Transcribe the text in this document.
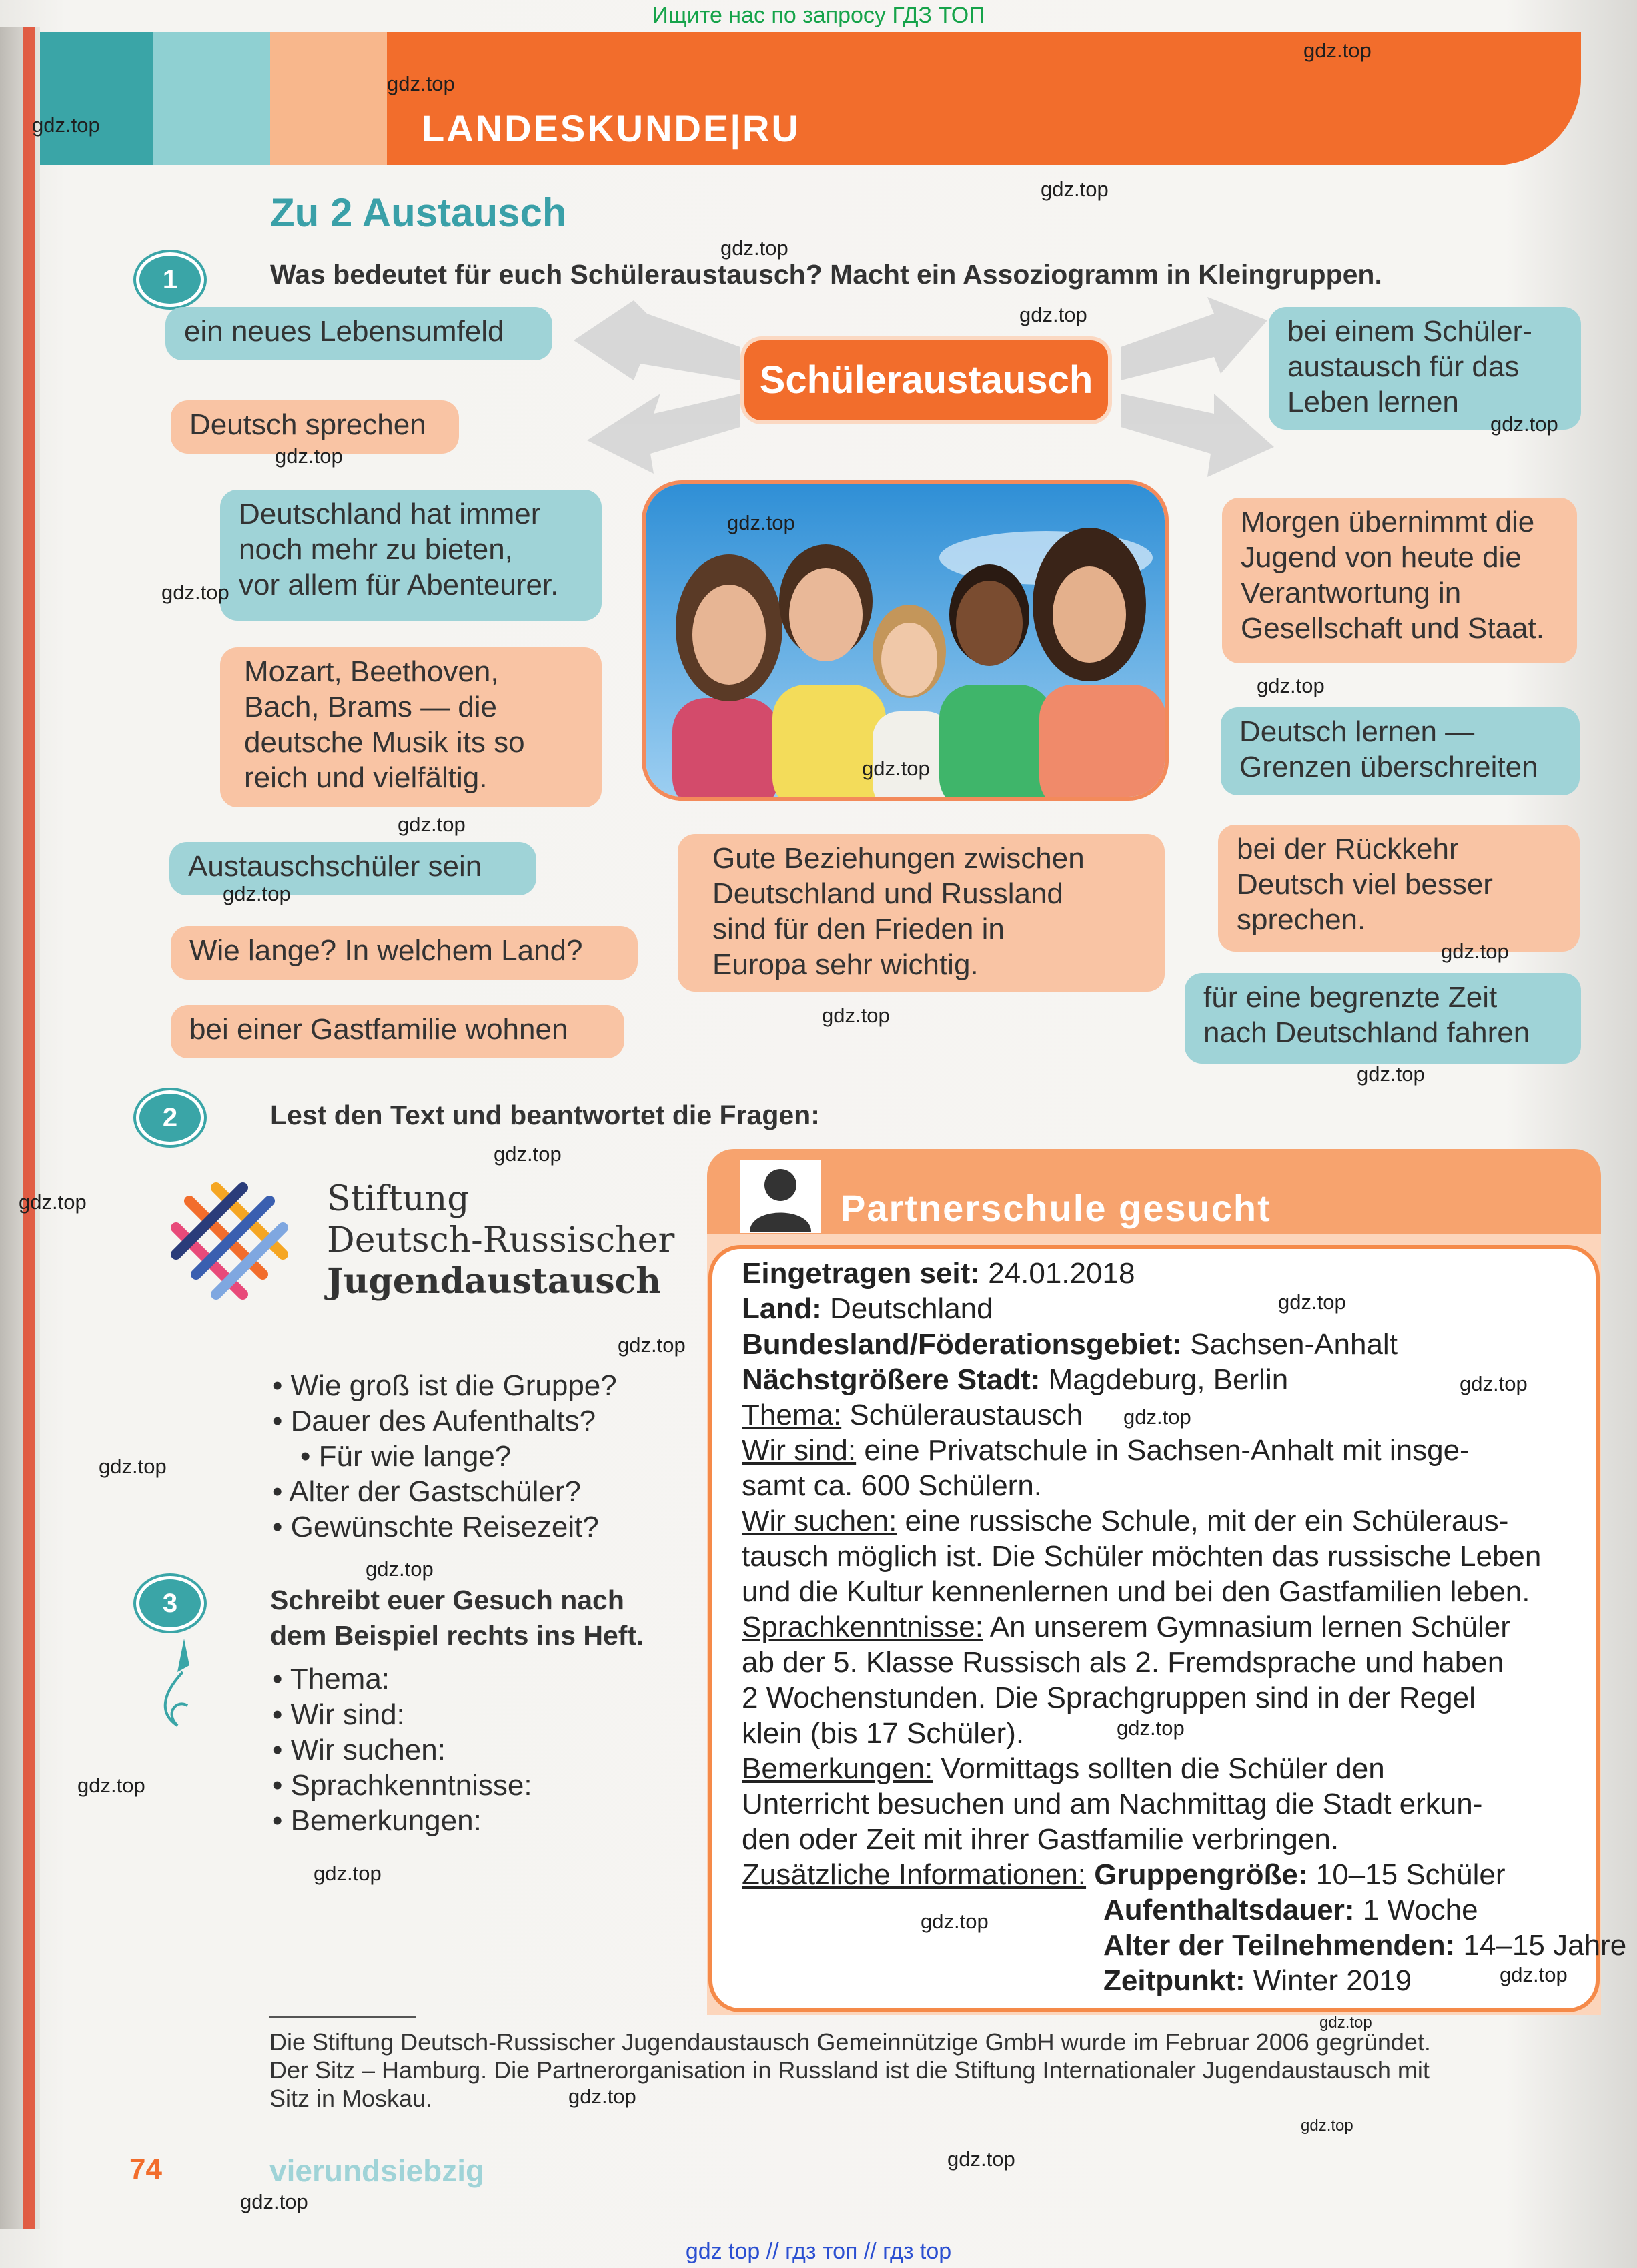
Ищите нас по запросу ГДЗ ТОП
LANDESKUNDE|RU
Zu 2 Austausch
1	Was bedeutet für euch Schüleraustausch? Macht ein Assoziogramm in Kleingruppen.
Schüleraustausch
ein neues Lebensumfeld
Deutsch sprechen
Deutschland hat immer
noch mehr zu bieten,
vor allem für Abenteurer.
Mozart, Beethoven,
Bach, Brams — die
deutsche Musik its so
reich und vielfältig.
Austauschschüler sein
Wie lange? In welchem Land?
bei einer Gastfamilie wohnen
Gute Beziehungen zwischen
Deutschland und Russland
sind für den Frieden in
Europa sehr wichtig.
bei einem Schüler-
austausch für das
Leben lernen
Morgen übernimmt die
Jugend von heute die
Verantwortung in
Gesellschaft und Staat.
Deutsch lernen —
Grenzen überschreiten
bei der Rückkehr
Deutsch viel besser
sprechen.
für eine begrenzte Zeit
nach Deutschland fahren
2	Lest den Text und beantwortet die Fragen:
Stiftung
Deutsch-Russischer
Jugendaustausch
• Wie groß ist die Gruppe?
• Dauer des Aufenthalts?
• Für wie lange?
• Alter der Gastschüler?
• Gewünschte Reisezeit?
3	Schreibt euer Gesuch nach
dem Beispiel rechts ins Heft.
• Thema:
• Wir sind:
• Wir suchen:
• Sprachkenntnisse:
• Bemerkungen:
Partnerschule gesucht
Eingetragen seit: 24.01.2018
Land: Deutschland
Bundesland/Föderationsgebiet: Sachsen-Anhalt
Nächstgrößere Stadt: Magdeburg, Berlin
Thema: Schüleraustausch
Wir sind: eine Privatschule in Sachsen-Anhalt mit insge-
samt ca. 600 Schülern.
Wir suchen: eine russische Schule, mit der ein Schüleraus-
tausch möglich ist. Die Schüler möchten das russische Leben
und die Kultur kennenlernen und bei den Gastfamilien leben.
Sprachkenntnisse: An unserem Gymnasium lernen Schüler
ab der 5. Klasse Russisch als 2. Fremdsprache und haben
2 Wochenstunden. Die Sprachgruppen sind in der Regel
klein (bis 17 Schüler).
Bemerkungen: Vormittags sollten die Schüler den
Unterricht besuchen und am Nachmittag die Stadt erkun-
den oder Zeit mit ihrer Gastfamilie verbringen.
Zusätzliche Informationen: Gruppengröße: 10–15 Schüler
Aufenthaltsdauer: 1 Woche
Alter der Teilnehmenden: 14–15 Jahre
Zeitpunkt: Winter 2019
Die Stiftung Deutsch-Russischer Jugendaustausch Gemeinnützige GmbH wurde im Februar 2006 gegründet.
Der Sitz – Hamburg. Die Partnerorganisation in Russland ist die Stiftung Internationaler Jugendaustausch mit
Sitz in Moskau.
74	vierundsiebzig
gdz.top
gdz.top
gdz.top
gdz.top
gdz.top
gdz.top
gdz.top
gdz.top
gdz.top
gdz.top
gdz.top
gdz.top
gdz.top
gdz.top
gdz.top
gdz.top
gdz.top
gdz.top
gdz.top
gdz.top
gdz.top
gdz.top
gdz.top
gdz.top
gdz.top
gdz.top
gdz.top
gdz.top
gdz.top
gdz.top
gdz.top
gdz.top
gdz.top
gdz.top
gdz.top
gdz top // гдз топ // гдз top
